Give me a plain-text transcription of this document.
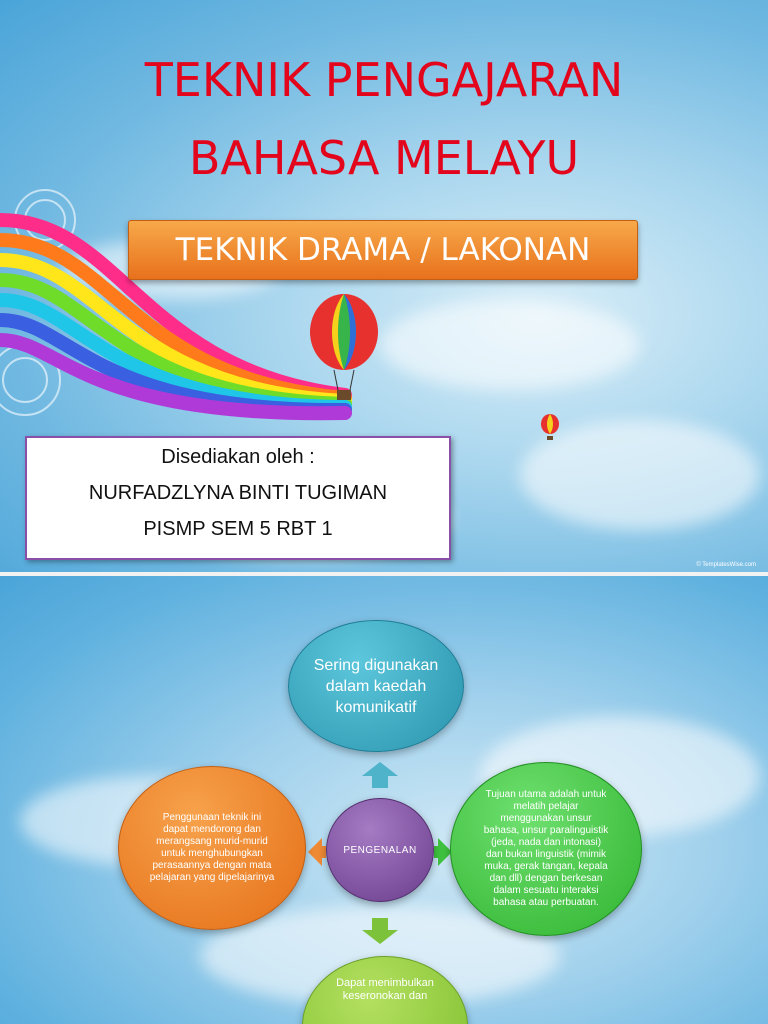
TEKNIK PENGAJARAN
BAHASA MELAYU
TEKNIK DRAMA / LAKONAN
Disediakan oleh :
NURFADZLYNA BINTI TUGIMAN
PISMP SEM 5 RBT 1
© TemplatesWise.com
Sering digunakan dalam kaedah komunikatif
Penggunaan teknik ini dapat mendorong dan merangsang murid-murid untuk menghubungkan perasaannya dengan mata pelajaran yang dipelajarinya
PENGENALAN
Tujuan utama adalah untuk melatih pelajar menggunakan unsur bahasa, unsur paralinguistik (jeda, nada dan intonasi) dan bukan linguistik (mimik muka, gerak tangan, kepala dan dll) dengan berkesan dalam sesuatu interaksi bahasa atau perbuatan.
Dapat menimbulkan keseronokan dan
